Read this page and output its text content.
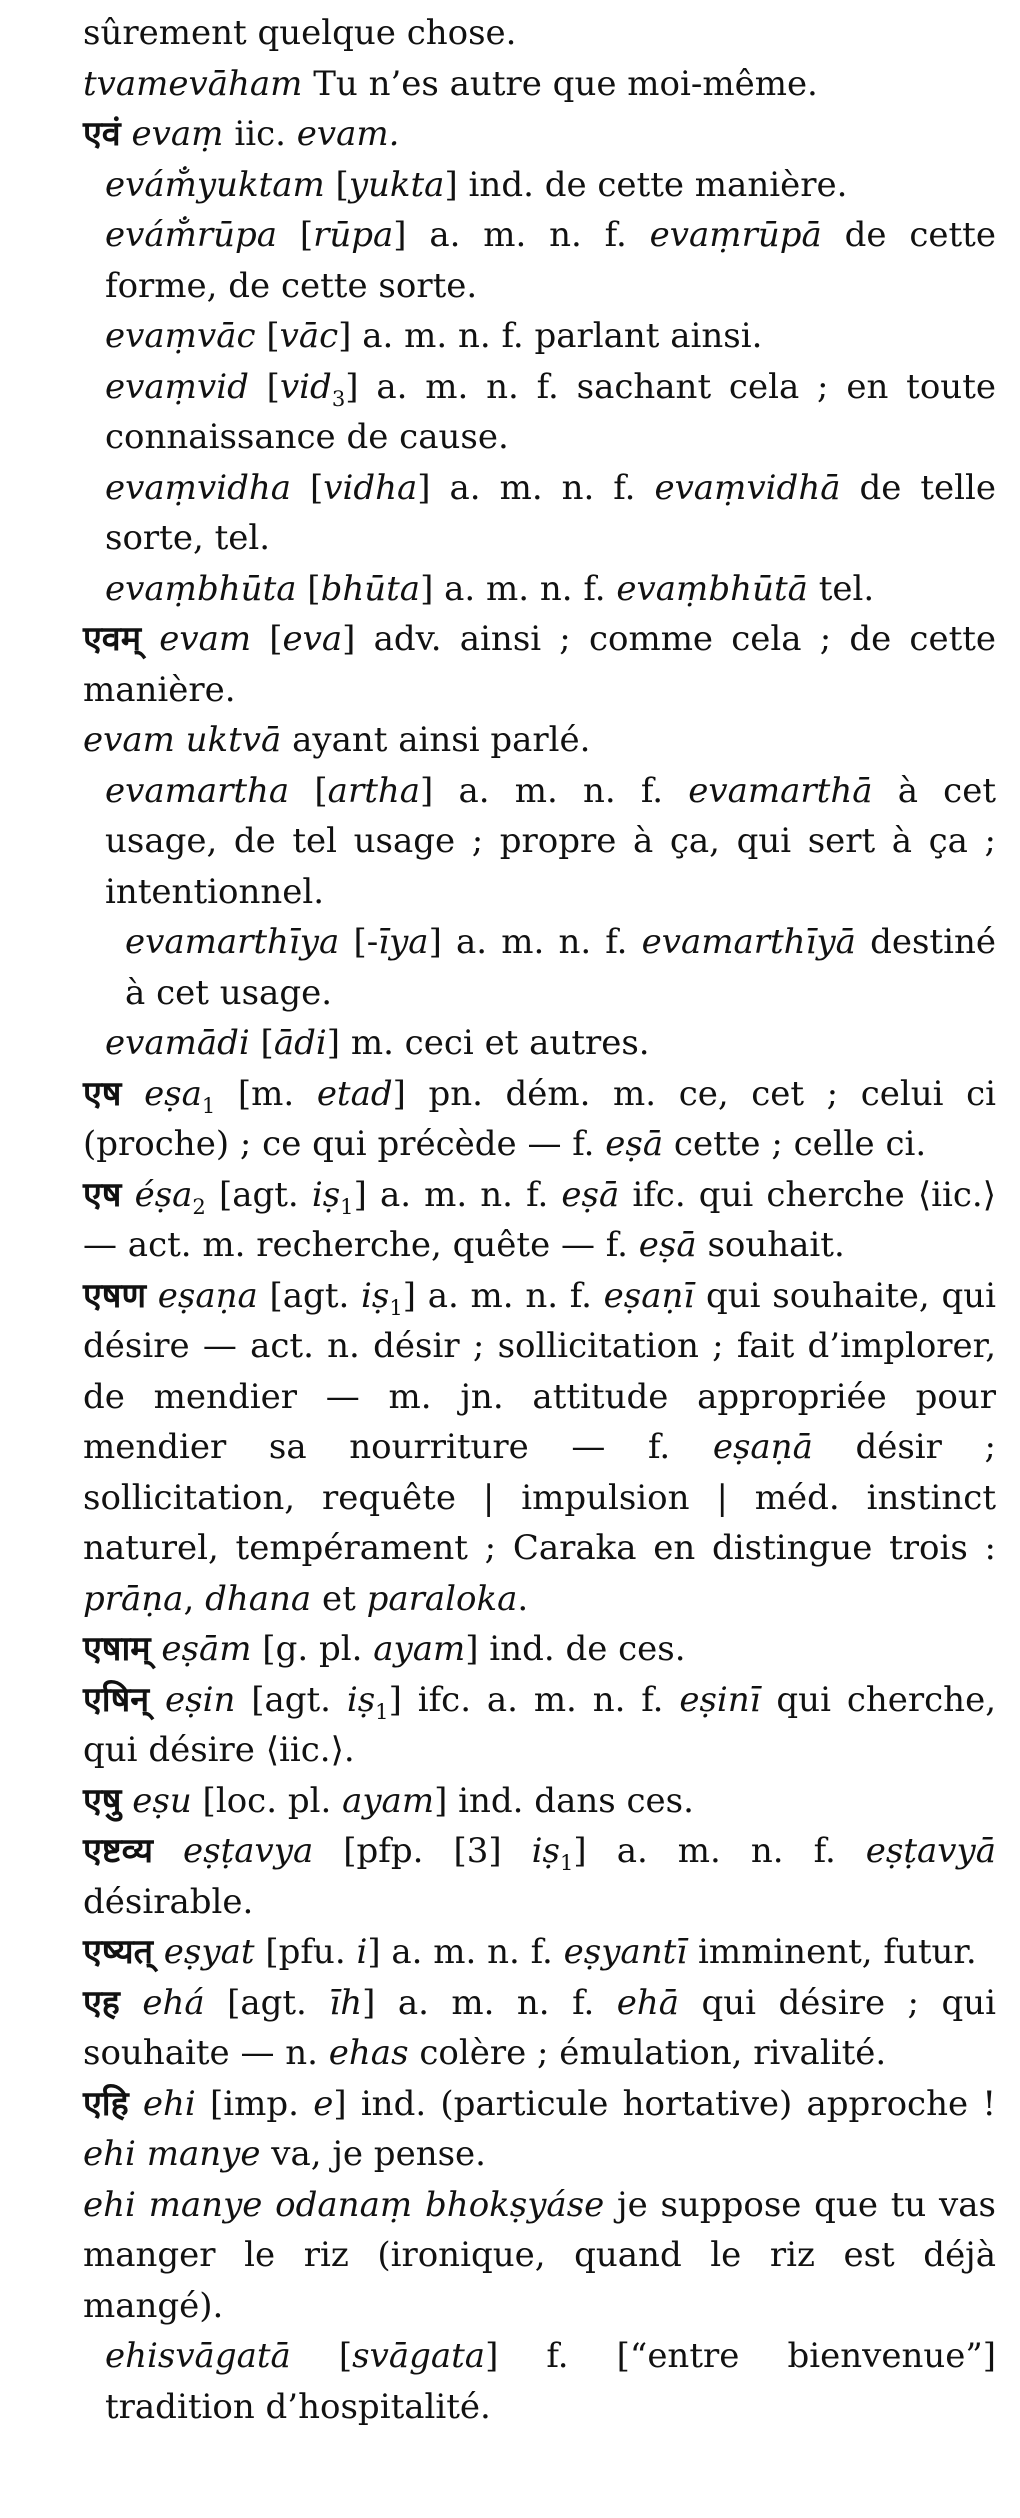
sûrement quelque chose.
tvamevāham Tu n’es autre que moi-même.
एवं evaṃ iic. evam.
evám̐yuktam [yukta] ind. de cette manière.
evám̐rūpa [rūpa] a. m. n. f. evaṃrūpā de cette forme, de cette sorte.
evaṃvāc [vāc] a. m. n. f. parlant ainsi.
evaṃvid [vid$_3$] a. m. n. f. sachant cela ; en toute connaissance de cause.
evaṃvidha [vidha] a. m. n. f. evaṃvidhā de telle sorte, tel.
evaṃbhūta [bhūta] a. m. n. f. evaṃbhūtā tel.
एवम् evam [eva] adv. ainsi ; comme cela ; de cette manière.
evam uktvā ayant ainsi parlé.
evamartha [artha] a. m. n. f. evamarthā à cet usage, de tel usage ; propre à ça, qui sert à ça ; intentionnel.
evamarthīya [-īya] a. m. n. f. evamarthīyā destiné à cet usage.
evamādi [ādi] m. ceci et autres.
एष eṣa$_1$ [m. etad] pn. dém. m. ce, cet ; celui ci (proche) ; ce qui précède — f. eṣā cette ; celle ci.
एष éṣa$_2$ [agt. iṣ$_1$] a. m. n. f. eṣā ifc. qui cherche ⟨iic.⟩ — act. m. recherche, quête — f. eṣā souhait.
एषण eṣaṇa [agt. iṣ$_1$] a. m. n. f. eṣaṇī qui souhaite, qui désire — act. n. désir ; sollicitation ; fait d’implorer, de mendier — m. jn. attitude appropriée pour mendier sa nourriture — f. eṣaṇā désir ; sollicitation, requête | impulsion | méd. instinct naturel, tempérament ; Caraka en distingue trois : prāṇa, dhana et paraloka.
एषाम् eṣām [g. pl. ayam] ind. de ces.
एषिन् eṣin [agt. iṣ$_1$] ifc. a. m. n. f. eṣinī qui cherche, qui désire ⟨iic.⟩.
एषु eṣu [loc. pl. ayam] ind. dans ces.
एष्टव्य eṣṭavya [pfp. [3] iṣ$_1$] a. m. n. f. eṣṭavyā désirable.
एष्यत् eṣyat [pfu. i] a. m. n. f. eṣyantī imminent, futur.
एह ehá [agt. īh] a. m. n. f. ehā qui désire ; qui souhaite — n. ehas colère ; émulation, rivalité.
एहि ehi [imp. e] ind. (particule hortative) approche ! ehi manye va, je pense.
ehi manye odanaṃ bhokṣyáse je suppose que tu vas manger le riz (ironique, quand le riz est déjà mangé).
ehisvāgatā [svāgata] f. [“entre bienvenue”] tradition d’hospitalité.
